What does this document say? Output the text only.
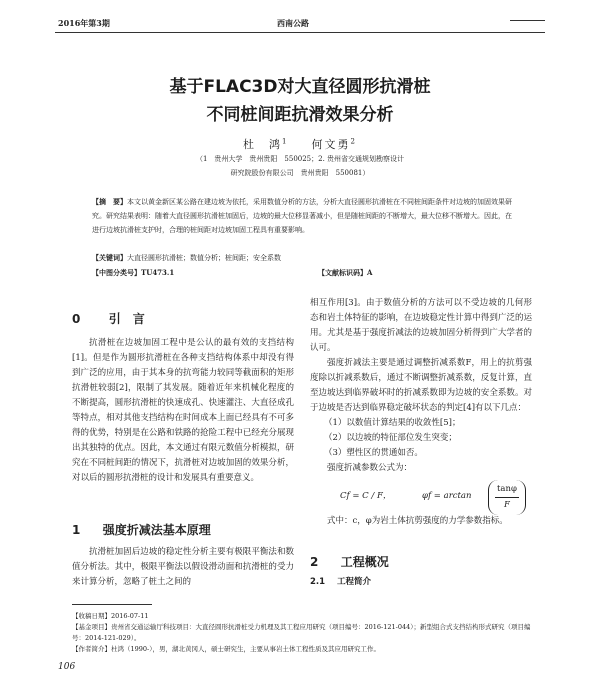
2016年第3期	西南公路
基于FLAC3D对大直径圆形抗滑桩
不同桩间距抗滑效果分析
杜　鸿$^1$ 何文勇$^2$
（1　贵州大学　贵州贵阳　550025；2. 贵州省交通规划勘察设计
研究院股份有限公司　贵州贵阳　550081）
【摘　要】本文以黄金新区某公路在建边坡为依托，采用数值分析的方法，分析大直径圆形抗滑桩在不同桩间距条件对边坡的加固效果研究。研究结果表明：随着大直径圆形抗滑桩加固后，边坡的最大位移显著减小，但是随桩间距的不断增大，最大位移不断增大。因此，在进行边坡抗滑桩支护时，合理的桩间距对边坡加固工程具有重要影响。
【关键词】大直径圆形抗滑桩；数值分析；桩间距；安全系数
【中图分类号】TU473.1	【文献标识码】A
0 引　言

抗滑桩在边坡加固工程中是公认的最有效的支挡结构[1]。但是作为圆形抗滑桩在各种支挡结构体系中却没有得到广泛的应用，由于其本身的抗弯能力较同等截面积的矩形抗滑桩较弱[2]，限制了其发展。随着近年来机械化程度的不断提高，圆形抗滑桩的快速成孔、快速灌注、大直径成孔等特点，相对其他支挡结构在时间成本上面已经具有不可多得的优势，特别是在公路和铁路的抢险工程中已经充分展现出其独特的优点。因此，本文通过有限元数值分析模拟，研究在不同桩间距的情况下，抗滑桩对边坡加固的效果分析，对以后的圆形抗滑桩的设计和发展具有重要意义。

1 强度折减法基本原理

抗滑桩加固后边坡的稳定性分析主要有极限平衡法和数值分析法。其中，极限平衡法以假设滑动面和抗滑桩的受力来计算分析，忽略了桩土之间的

相互作用[3]。由于数值分析的方法可以不受边坡的几何形态和岩土体特征的影响，在边坡稳定性计算中得到广泛的运用。尤其是基于强度折减法的边坡加固分析得到广大学者的认可。

强度折减法主要是通过调整折减系数F，用上的抗剪强度除以折减系数后，通过不断调整折减系数，反复计算，直至边坡达到临界破坏时的折减系数即为边坡的安全系数。对于边坡是否达到临界稳定破坏状态的判定[4]有以下几点：

（1）以数值计算结果的收敛性[5]；
（2）以边坡的特征部位发生突变；
（3）塑性区的贯通如否。

强度折减参数公式为：

Cf = C / F，	φf = arctan	$\frac{\tan\varphi}{F}$

式中：c，φ为岩土体抗剪强度的力学参数指标。

2 工程概况
2.1 工程简介
【收稿日期】2016-07-11
【基金项目】贵州省交通运输厅科技项目：大直径圆形抗滑桩受力机理及其工程应用研究（项目编号：2016-121-044）；新型组合式支挡结构形式研究（项目编号：2014-121-029）。
【作者简介】杜鸿（1990-），男，湖北黄冈人，硕士研究生，主要从事岩土体工程性质及其应用研究工作。
106
